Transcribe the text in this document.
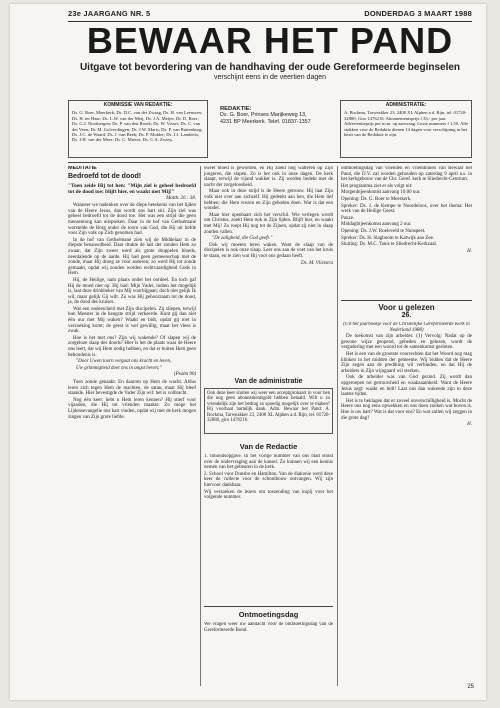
23e JAARGANG NR. 5	DONDERDAG 3 MAART 1988
BEWAAR HET PAND
Uitgave tot bevordering van de handhaving der oude Gereformeerde beginselen
verschijnt eens in de veertien dagen
KOMMISSIE VAN REDAKTIE:

Ds. G. Boer, Meerkerk; Ds. D.C. van der Zwaag, Ds. H. van Leeuwen; Ds. H. ter Haar; Ds. L.W. van der Meij, Ds. J.A. Meijer, Dr. D. Boer; Ds. G.J. Noorbergen; Ds. P. van den Broek; Ds. W. Visser; Ds. C. van der Veen; Dr. M. Golverdingen; Ds. J.W. Maris; Ds. P. van Ruitenburg; Ds. J.C. de Waard; Ds. J. van Beek; Ds. P. Mulder; Ds. J.J. Lamberts; Ds. J.H. van der Meer; Ds. C. Mieras; Ds. C.A. Zwiep.

REDAKTIE:
Ds. G. Boer, Prinses Marijkeweg 13,
4231 BP Meerkerk. Telef. 01837-1357
ADMINISTRATIE:

A. Bockma, Tarweakker 23, 2408 XL Alphen a.d. Rijn, tel. 01720-32880; Giro 1476216. Abonnementsprijs f 33,- per jaar. Advertentieprijs per m.m. op aanvraag. Losse nummers f 1,50. Alle stukken voor de Redaktie dienen 14 dagen voor verschijning in het bezit van de Redaktie te zijn.

MEDITATIE

Bedroefd tot de dood!

"Toen zeide Hij tot hen: "Mijn ziel is geheel bedroefd tot de dood toe; blijft hier, en waakt met Mij!"

Matth. 26 : 38.

Wanneer we nadenken over de diepe betekenis van het lijden van de Heere Jezus, dan wordt ons hart stil. Zijn ziel was geheel bedroefd tot de dood toe. Het was een strijd die geen mensentong kan uitspreken. Daar in de hof van Gethsémané worstelde de Borg onder de toorn van God, die Hij uit liefde voor Zijn volk op Zich genomen had.

In de hof van Gethsémané zien wij de Middelaar in de diepste benauwdheid. Daar drukte de last der zonden Hem zo zwaar, dat Zijn zweet werd als grote druppelen bloeds, neerdalende op de aarde. Hij had geen gemeenschap met de zonde, maar Hij droeg ze voor anderen; zo werd Hij tot zonde gemaakt, opdat wij zouden worden rechtvaardigheid Gods in Hem.

Hij, de Heilige, nam plaats onder het oordeel. En toch gaf Hij de moed niet op. Hij bad: Mijn Vader, indien het mogelijk is, laat deze drinkbeker van Mij voorbijgaan; doch niet gelijk Ik wil, maar gelijk Gij wilt. Zo was Hij gehoorzaam tot de dood, ja, de dood des kruises.

Wat een onderscheid met Zijn discipelen. Zij sliepen, terwijl hun Meester in de bangste strijd verkeerde. Kunt gij dan niet één uur met Mij waken? Waakt en bidt, opdat gij niet in verzoeking komt; de geest is wel gewillig, maar het vlees is zwak.

Hoe is het met ons? Zijn wij wakende? Of slapen wij de zorgeloze slaap des doods? Hier is het de plaats waar de Heere ons leert, dat wij Hem nodig hebben, en dat er buiten Hem geen behoudenis is.

"Door Uwen toorn vergaat ons kracht en leven,

Uw grimmigheid doet ons in angst beven;"

(Psalm 90)

Toen zonde genaakt. En daarom op Hem de wacht. Aldus leren zich tegen Hem de machten, de satan, maar Hij bleef staande. Hier bevestigde de Vader Zijn wil: het is volbracht.

Nog één keer: hebt u Hem leren kennen? Hij stierf voor vijanden, die Hij tot vrienden maakte. Zo moge het Lijdensevangelie ons hart vinden, opdat wij met de kerk mogen zingen van Zijn grote liefde.

sweet bloed is geworden, en Hij zoekt nog watteren op Zijn jongeren, die slapen. Zo is het ook in onze dagen. De kerk slaapt, terwijl de vijand wakker is. Zij worden bedekt met de nacht der zorgeloosheid.

Maar ook in deze strijd is de Heere getrouw. Hij laat Zijn volk niet over aan zichzelf. Hij gedenkt aan hen, die Hem lief hebben; die Hem vrezen en Zijn geboden doen. Wat is dat een wonder.

Maar hier openbaart zich het verschil. Wie verlegen wordt om Christus, zoekt Hem ook in Zijn lijden. Blijft hier, en waakt met Mij! Zo roept Hij nog tot de Zijnen, opdat zij niet in slaap zouden vallen.

"De zaligheid, die God geeft."

Ook wij moeten leren waken. Want de slaap van de discipelen is ook onze slaap. Leer ons aan de voet van het kruis te staan, en te zien wat Hij voor ons gedaan heeft.

Ds. M. Vlietstra

Van de administratie
Ook deze keer sluiten wij weer een acceptgirokaart in voor hen die nog geen abonnementsgeld hebben betaald. Wilt u zo vriendelijk zijn het bedrag zo spoedig mogelijk over te maken? Bij voorbaat hartelijk dank. Adm. Bewaar het Pand: A. Bockma, Tarweakker 23, 2408 XL Alphen a.d. Rijn, tel. 01720-32880, giro 1476216.
Van de Redactie

1. Inhoudsopgave. In het vorige nummer van ons blad stond over de ondervraging aan de kansel. Zo kunnen wij een kennis nemen van het gebeuren in de kerk.

2. School voor Dunsbo en Hamilton. Van de diakonie werd deze keer de collecte voor de schoolbouw ontvangen. Wij zijn hiervoor dankbaar.

Wij verzoeken de lezers om toezending van kopij voor het volgende nummer.

Ontmoetingsdag

We vragen weer uw aandacht voor de ontmoetingsdag van de Gereformeerde Bond.

ontmoetingsdag van vrienden en vriendinnen van Bewaar het Pand, die D.V. zal worden gehouden op zaterdag 9 april a.s. in het kerkgebouw van de Chr. Geref. kerk te Sliedrecht-Centrum.

Het programma ziet er als volgt uit:

Morgenbijeenkomst aanvang 10.00 uur.

Opening: Ds. G. Boer te Meerkerk.

Spreker: Ds. J. de Kempe te Noordeloos, over het thema: Het werk van de Heilige Geest.

Pauze.

Middagbijeenkomst aanvang 2 uur.

Opening: Ds. J.W. Roeleveld te Nunspeet.

Spreker: Ds. H. Slagboom te Katwijk aan Zee.

Sluiting: Ds. M.C. Tanis te Sliedrecht-Kerkzaal.

H.

Voor u gelezen
26.

(Uit het jaarboekje voor de Christelijke Gereformeerde Kerk in Nederland 1988)

De toekomst van zijn arbeider. (1) Vervolg: Nadat op de gewone wijze geopend, gebeden en gelezen, wordt de vergadering met een woord tot de samenkomst gesloten.

Het is een van de grootste voorrechten dat het Woord nog mag klinken in het midden der gemeente. Wij bidden dat de Heere Zijn zegen aan de prediking wil verbinden, en dat Hij de arbeiders in Zijn wijngaard wil sterken.

Ook de arbeider was van God gezind. Zij wordt dan opgeroepen tot getrouwheid en waakzaamheid. Want de Heere Jezus zegt: waakt en bidt! Laat ons dan wakende zijn in deze laatste tijden.

Het is te beklagen dat er zoveel onverschilligheid is. Mocht de Heere ons nog eens opwekken en ons doen zoeken wat boven is. Hoe is uw hart? Wat is dat voor ons? En wat zullen wij zeggen in die grote dag?

H.

25
